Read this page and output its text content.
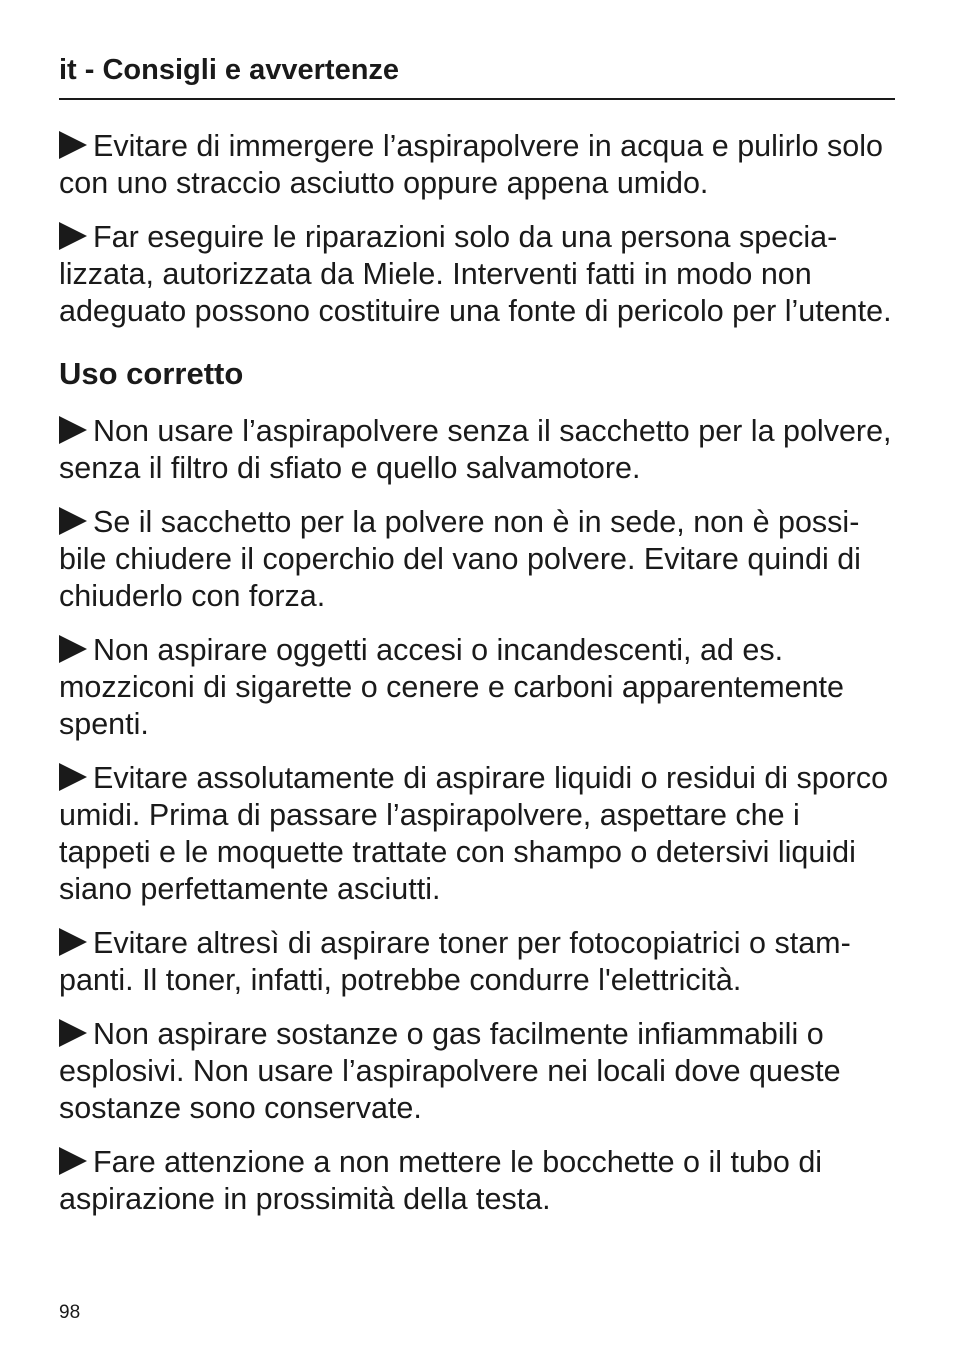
it - Consigli e avvertenze

Evitare di immergere l’aspirapolvere in acqua e pulirlo solo con uno straccio asciutto oppure appena umido.

Far eseguire le riparazioni solo da una persona specializzata, autorizzata da Miele. Interventi fatti in modo non adeguato possono costituire una fonte di pericolo per l’utente.

Uso corretto

Non usare l’aspirapolvere senza il sacchetto per la polvere, senza il filtro di sfiato e quello salvamotore.

Se il sacchetto per la polvere non è in sede, non è possibile chiudere il coperchio del vano polvere. Evitare quindi di chiuderlo con forza.

Non aspirare oggetti accesi o incandescenti, ad es. mozziconi di sigarette o cenere e carboni apparentemente spenti.

Evitare assolutamente di aspirare liquidi o residui di sporco umidi. Prima di passare l’aspirapolvere, aspettare che i tappeti e le moquette trattate con shampo o detersivi liquidi siano perfettamente asciutti.

Evitare altresì di aspirare toner per fotocopiatrici o stampanti. Il toner, infatti, potrebbe condurre l'elettricità.

Non aspirare sostanze o gas facilmente infiammabili o esplosivi. Non usare l’aspirapolvere nei locali dove queste sostanze sono conservate.

Fare attenzione a non mettere le bocchette o il tubo di aspirazione in prossimità della testa.

98
